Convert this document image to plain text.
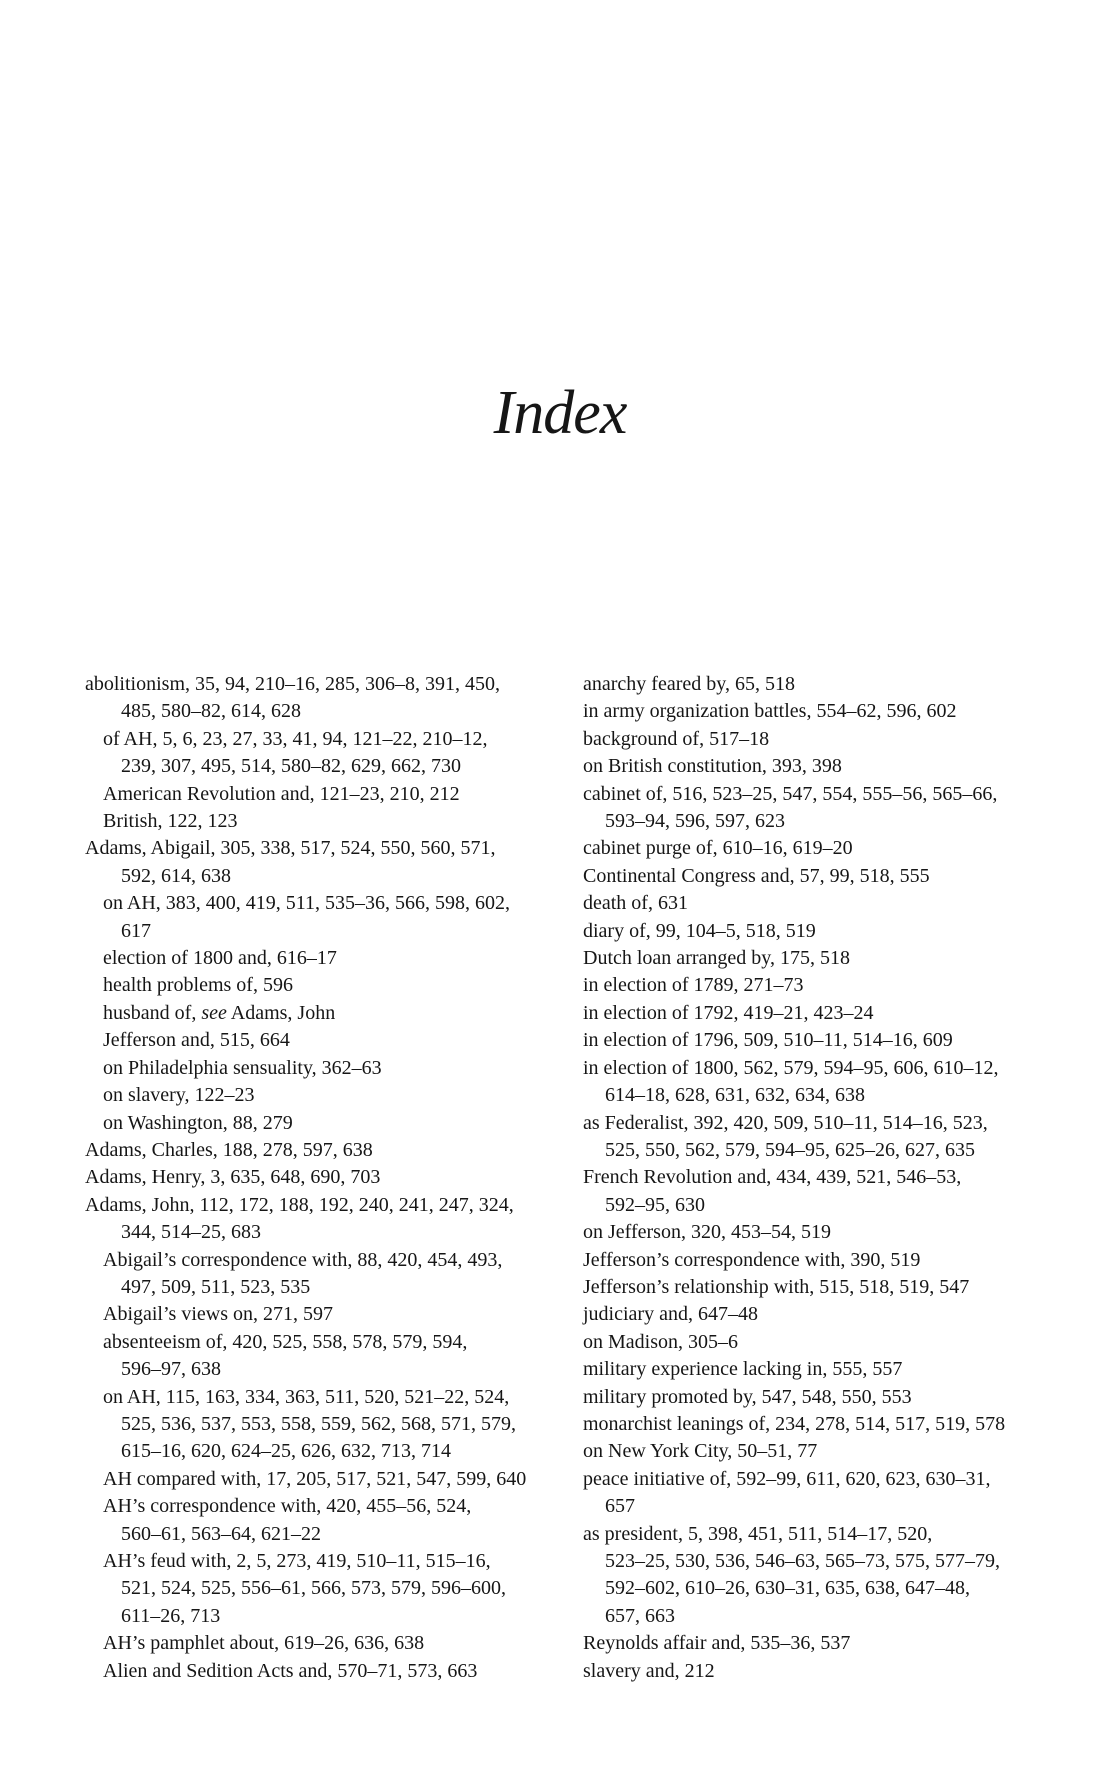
Index
abolitionism, 35, 94, 210–16, 285, 306–8, 391, 450,
485, 580–82, 614, 628
of AH, 5, 6, 23, 27, 33, 41, 94, 121–22, 210–12,
239, 307, 495, 514, 580–82, 629, 662, 730
American Revolution and, 121–23, 210, 212
British, 122, 123
Adams, Abigail, 305, 338, 517, 524, 550, 560, 571,
592, 614, 638
on AH, 383, 400, 419, 511, 535–36, 566, 598, 602,
617
election of 1800 and, 616–17
health problems of, 596
husband of, see Adams, John
Jefferson and, 515, 664
on Philadelphia sensuality, 362–63
on slavery, 122–23
on Washington, 88, 279
Adams, Charles, 188, 278, 597, 638
Adams, Henry, 3, 635, 648, 690, 703
Adams, John, 112, 172, 188, 192, 240, 241, 247, 324,
344, 514–25, 683
Abigail’s correspondence with, 88, 420, 454, 493,
497, 509, 511, 523, 535
Abigail’s views on, 271, 597
absenteeism of, 420, 525, 558, 578, 579, 594,
596–97, 638
on AH, 115, 163, 334, 363, 511, 520, 521–22, 524,
525, 536, 537, 553, 558, 559, 562, 568, 571, 579,
615–16, 620, 624–25, 626, 632, 713, 714
AH compared with, 17, 205, 517, 521, 547, 599, 640
AH’s correspondence with, 420, 455–56, 524,
560–61, 563–64, 621–22
AH’s feud with, 2, 5, 273, 419, 510–11, 515–16,
521, 524, 525, 556–61, 566, 573, 579, 596–600,
611–26, 713
AH’s pamphlet about, 619–26, 636, 638
Alien and Sedition Acts and, 570–71, 573, 663
anarchy feared by, 65, 518
in army organization battles, 554–62, 596, 602
background of, 517–18
on British constitution, 393, 398
cabinet of, 516, 523–25, 547, 554, 555–56, 565–66,
593–94, 596, 597, 623
cabinet purge of, 610–16, 619–20
Continental Congress and, 57, 99, 518, 555
death of, 631
diary of, 99, 104–5, 518, 519
Dutch loan arranged by, 175, 518
in election of 1789, 271–73
in election of 1792, 419–21, 423–24
in election of 1796, 509, 510–11, 514–16, 609
in election of 1800, 562, 579, 594–95, 606, 610–12,
614–18, 628, 631, 632, 634, 638
as Federalist, 392, 420, 509, 510–11, 514–16, 523,
525, 550, 562, 579, 594–95, 625–26, 627, 635
French Revolution and, 434, 439, 521, 546–53,
592–95, 630
on Jefferson, 320, 453–54, 519
Jefferson’s correspondence with, 390, 519
Jefferson’s relationship with, 515, 518, 519, 547
judiciary and, 647–48
on Madison, 305–6
military experience lacking in, 555, 557
military promoted by, 547, 548, 550, 553
monarchist leanings of, 234, 278, 514, 517, 519, 578
on New York City, 50–51, 77
peace initiative of, 592–99, 611, 620, 623, 630–31,
657
as president, 5, 398, 451, 511, 514–17, 520,
523–25, 530, 536, 546–63, 565–73, 575, 577–79,
592–602, 610–26, 630–31, 635, 638, 647–48,
657, 663
Reynolds affair and, 535–36, 537
slavery and, 212
